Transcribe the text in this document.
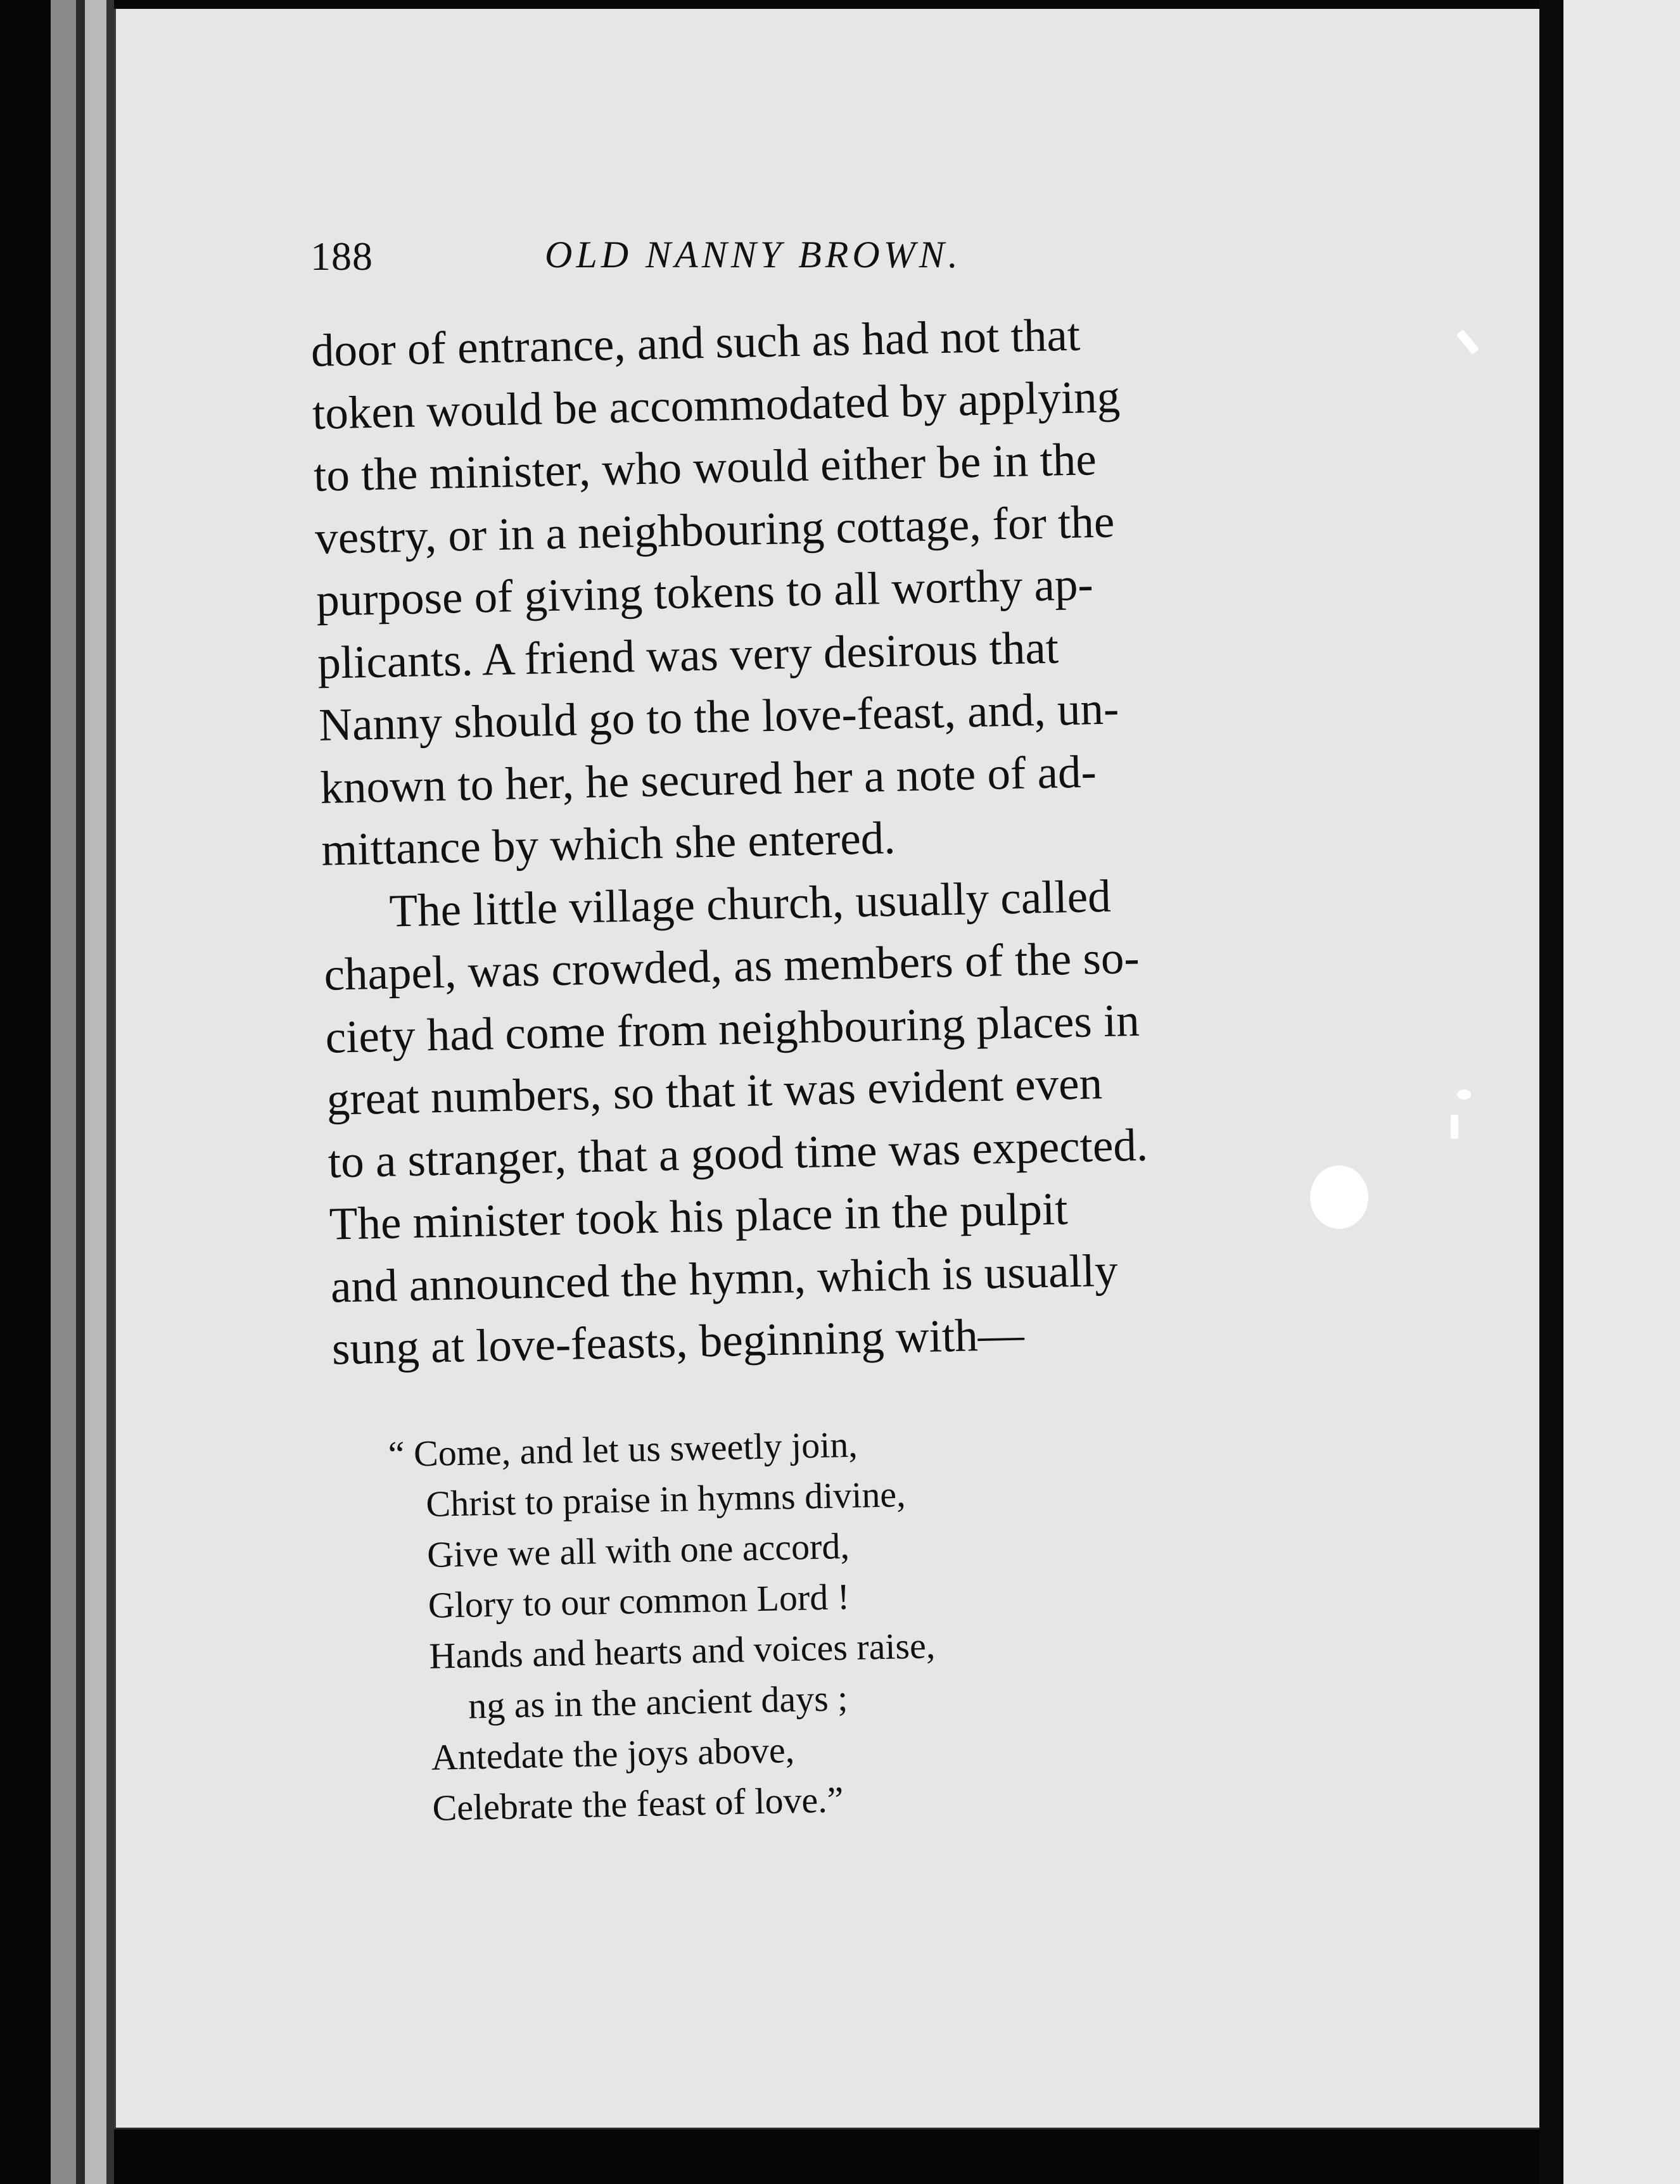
188	OLD NANNY BROWN.
door of entrance, and such as had not that
token would be accommodated by applying
to the minister, who would either be in the
vestry, or in a neighbouring cottage, for the
purpose of giving tokens to all worthy ap-
plicants. A friend was very desirous that
Nanny should go to the love-feast, and, un-
known to her, he secured her a note of ad-
mittance by which she entered.
The little village church, usually called
chapel, was crowded, as members of the so-
ciety had come from neighbouring places in
great numbers, so that it was evident even
to a stranger, that a good time was expected.
The minister took his place in the pulpit
and announced the hymn, which is usually
sung at love-feasts, beginning with—
“ Come, and let us sweetly join,
Christ to praise in hymns divine,
Give we all with one accord,
Glory to our common Lord !
Hands and hearts and voices raise,
ng as in the ancient days ;
Antedate the joys above,
Celebrate the feast of love.”
